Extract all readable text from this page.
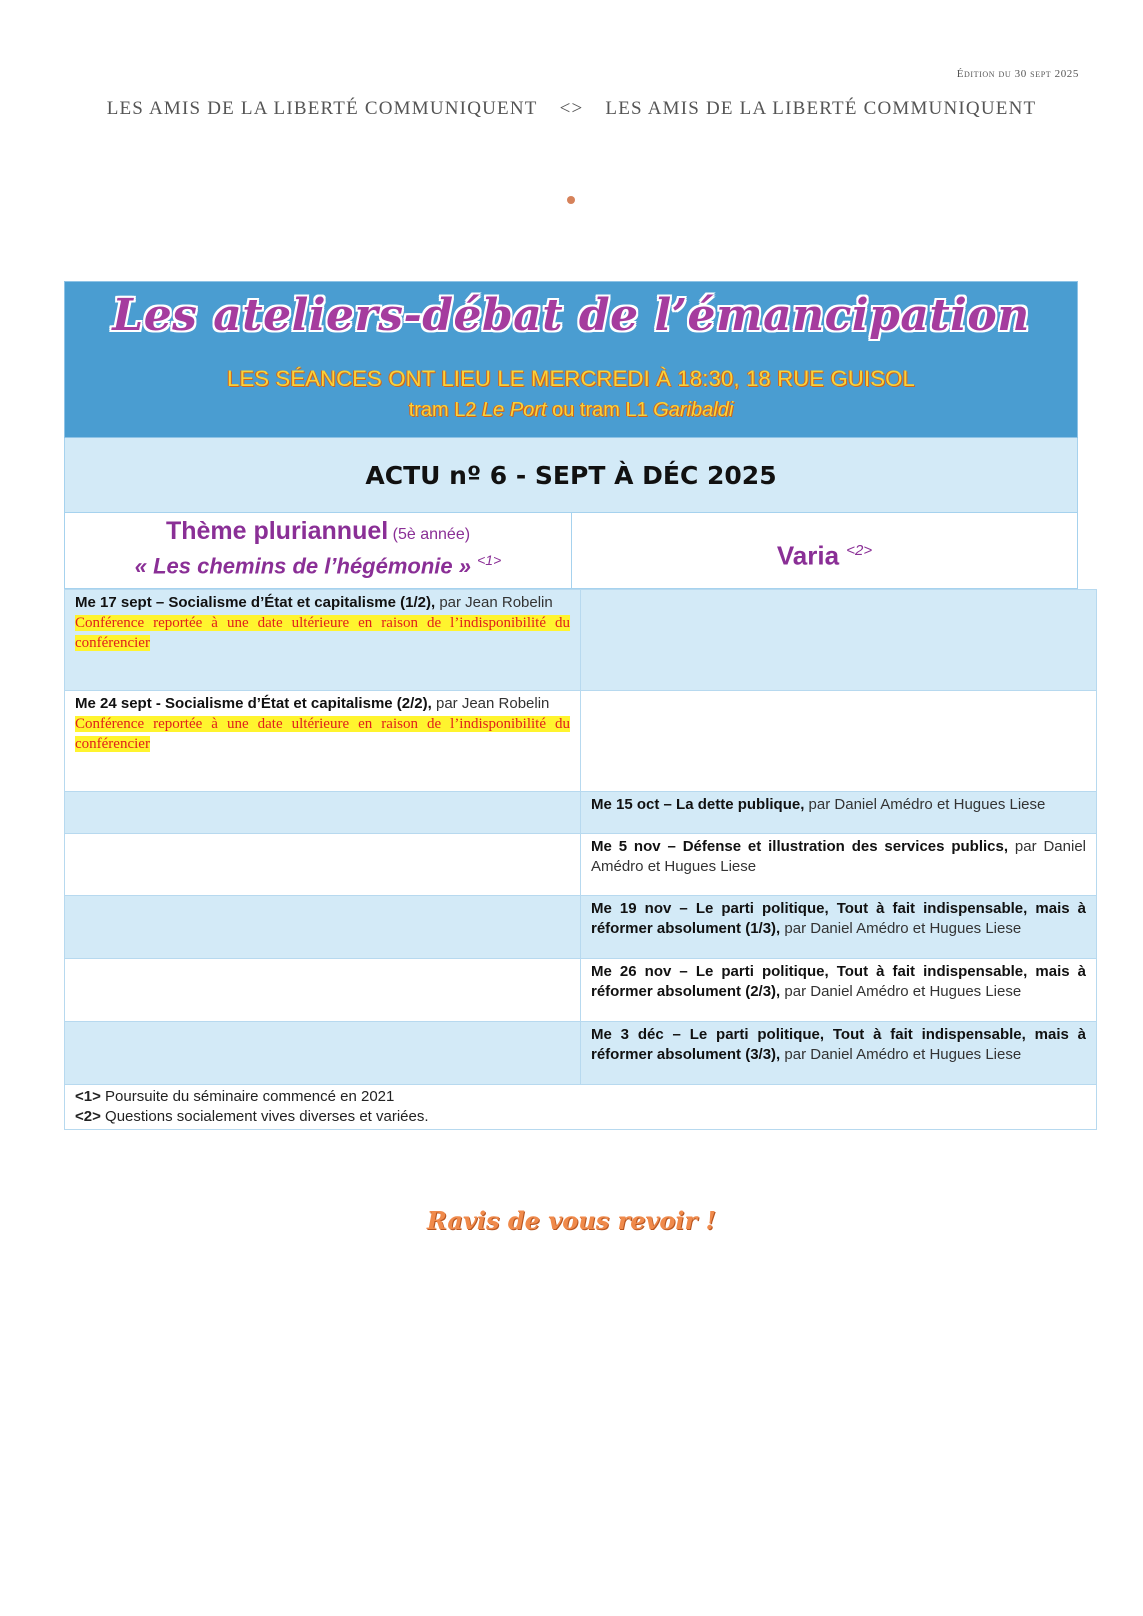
Édition du 30 sept 2025
LES AMIS DE LA LIBERTÉ COMMUNIQUENT <> LES AMIS DE LA LIBERTÉ COMMUNIQUENT
Les ateliers-débat de l’émancipation
LES SÉANCES ONT LIEU LE MERCREDI À 18:30, 18 RUE GUISOL
tram L2 Le Port ou tram L1 Garibaldi
ACTU nº 6 - SEPT À DÉC 2025
Thème pluriannuel (5è année)
« Les chemins de l’hégémonie » $^{<1>}$	Varia $^{<2>}$
Me 17 sept – Socialisme d’État et capitalisme (1/2), par Jean Robelin
Conférence reportée à une date ultérieure en raison de l’indisponibilité du conférencier	
Me 24 sept - Socialisme d’État et capitalisme (2/2), par Jean Robelin
Conférence reportée à une date ultérieure en raison de l’indisponibilité du conférencier	
	Me 15 oct – La dette publique, par Daniel Amédro et Hugues Liese
	Me 5 nov – Défense et illustration des services publics, par Daniel Amédro et Hugues Liese
	Me 19 nov – Le parti politique, Tout à fait indispensable, mais à réformer absolument (1/3), par Daniel Amédro et Hugues Liese
	Me 26 nov – Le parti politique, Tout à fait indispensable, mais à réformer absolument (2/3), par Daniel Amédro et Hugues Liese
	Me 3 déc – Le parti politique, Tout à fait indispensable, mais à réformer absolument (3/3), par Daniel Amédro et Hugues Liese

<1> Poursuite du séminaire commencé en 2021
<2> Questions socialement vives diverses et variées.	
Ravis de vous revoir !
